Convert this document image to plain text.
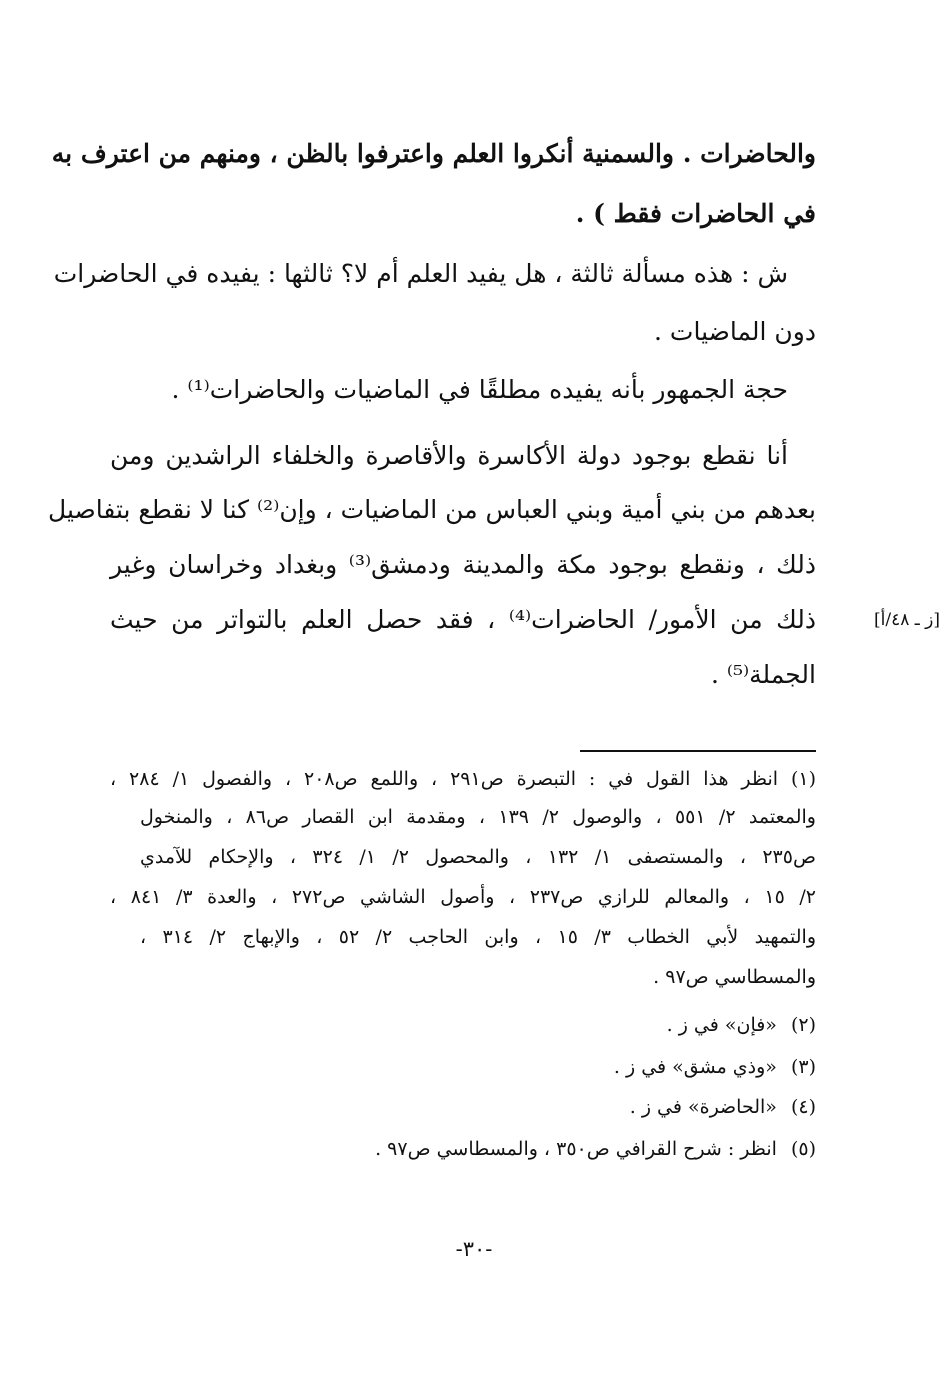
والحاضرات . والسمنية أنكروا العلم واعترفوا بالظن ، ومنهم من اعترف به
في الحاضرات فقط ) .
ش : هذه مسألة ثالثة ، هل يفيد العلم أم لا؟ ثالثها : يفيده في الحاضرات
دون الماضيات .
حجة الجمهور بأنه يفيده مطلقًا في الماضيات والحاضرات⁽¹⁾ .
أنا نقطع بوجود دولة الأكاسرة والأقاصرة والخلفاء الراشدين ومن
بعدهم من بني أمية وبني العباس من الماضيات ، وإن⁽²⁾ كنا لا نقطع بتفاصيل
ذلك ، ونقطع بوجود مكة والمدينة ودمشق⁽³⁾ وبغداد وخراسان وغير
ذلك من الأمور/ الحاضرات⁽⁴⁾ ، فقد حصل العلم بالتواتر من حيث
الجملة⁽⁵⁾ .
[ز ـ ٤٨/أ]
(١) انظر هذا القول في : التبصرة ص٢٩١ ، واللمع ص٢٠٨ ، والفصول ١/ ٢٨٤ ،
والمعتمد ٢/ ٥٥١ ، والوصول ٢/ ١٣٩ ، ومقدمة ابن القصار ص٨٦ ، والمنخول
ص٢٣٥ ، والمستصفى ١/ ١٣٢ ، والمحصول ٢/ ١/ ٣٢٤ ، والإحكام للآمدي
٢/ ١٥ ، والمعالم للرازي ص٢٣٧ ، وأصول الشاشي ص٢٧٢ ، والعدة ٣/ ٨٤١ ،
والتمهيد لأبي الخطاب ٣/ ١٥ ، وابن الحاجب ٢/ ٥٢ ، والإبهاج ٢/ ٣١٤ ،
والمسطاسي ص٩٧ .
(٢)«فإن» في ز .
(٣)«وذي مشق» في ز .
(٤)«الحاضرة» في ز .
(٥)انظر : شرح القرافي ص٣٥٠ ، والمسطاسي ص٩٧ .
-٣٠-
